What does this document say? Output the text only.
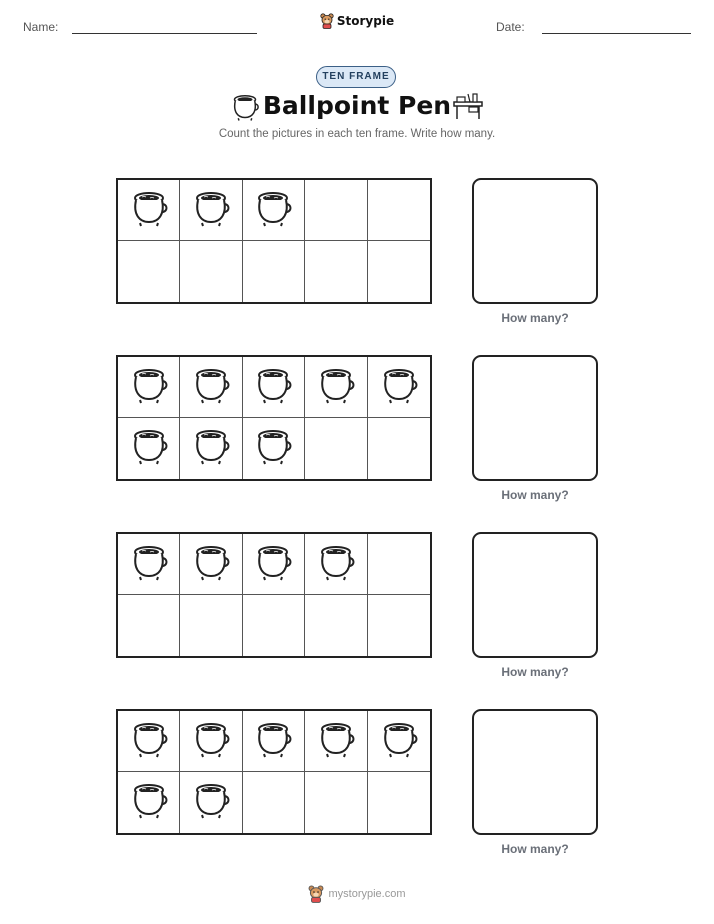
Name:	Storypie	Date:
TEN FRAME
Ballpoint Pen
Count the pictures in each ten frame. Write how many.
How many?
How many?
How many?
How many?
mystorypie.com
